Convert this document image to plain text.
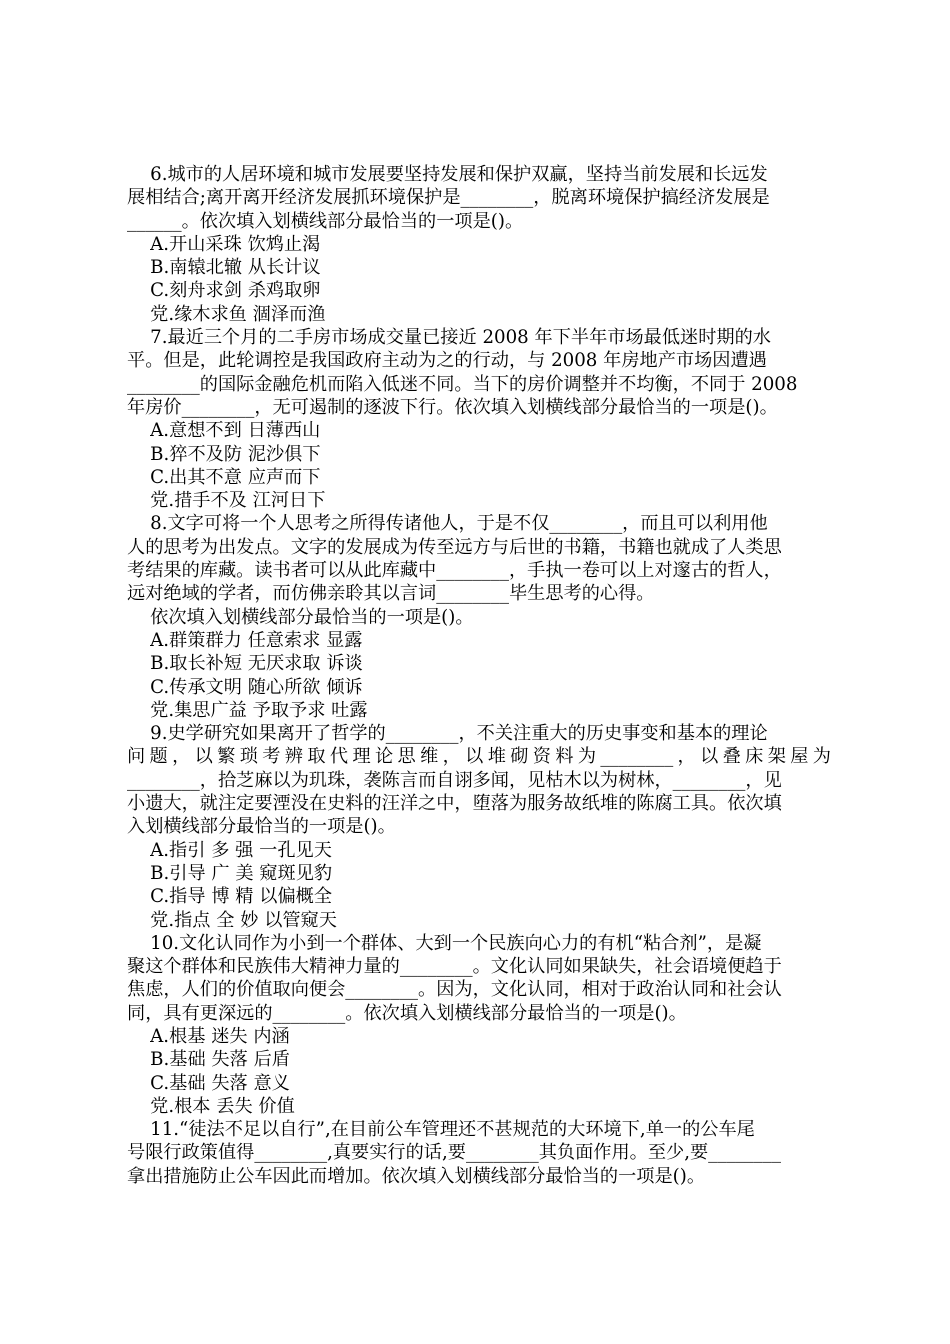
6.城市的人居环境和城市发展要坚持发展和保护双赢，坚持当前发展和长远发
展相结合;离开离开经济发展抓环境保护是________，脱离环境保护搞经济发展是
______。依次填入划横线部分最恰当的一项是()。
A.开山采珠 饮鸩止渴
B.南辕北辙 从长计议
C.刻舟求剑 杀鸡取卵
党.缘木求鱼 涸泽而渔
7.最近三个月的二手房市场成交量已接近 2008 年下半年市场最低迷时期的水
平。但是，此轮调控是我国政府主动为之的行动，与 2008 年房地产市场因遭遇
________的国际金融危机而陷入低迷不同。当下的房价调整并不均衡，不同于 2008
年房价________，无可遏制的逐波下行。依次填入划横线部分最恰当的一项是()。
A.意想不到 日薄西山
B.猝不及防 泥沙俱下
C.出其不意 应声而下
党.措手不及 江河日下
8.文字可将一个人思考之所得传诸他人，于是不仅________，而且可以利用他
人的思考为出发点。文字的发展成为传至远方与后世的书籍，书籍也就成了人类思
考结果的库藏。读书者可以从此库藏中________，手执一卷可以上对邃古的哲人，
远对绝域的学者，而仿佛亲聆其以言词________毕生思考的心得。
依次填入划横线部分最恰当的一项是()。
A.群策群力 任意索求 显露
B.取长补短 无厌求取 诉谈
C.传承文明 随心所欲 倾诉
党.集思广益 予取予求 吐露
9.史学研究如果离开了哲学的________，不关注重大的历史事变和基本的理论
问题，以繁琐考辨取代理论思维，以堆砌资料为________，以叠床架屋为
________，拾芝麻以为玑珠，袭陈言而自诩多闻，见枯木以为树林，________，见
小遗大，就注定要湮没在史料的汪洋之中，堕落为服务故纸堆的陈腐工具。依次填
入划横线部分最恰当的一项是()。
A.指引 多 强 一孔见天
B.引导 广 美 窥斑见豹
C.指导 博 精 以偏概全
党.指点 全 妙 以管窥天
10.文化认同作为小到一个群体、大到一个民族向心力的有机“粘合剂”，是凝
聚这个群体和民族伟大精神力量的________。文化认同如果缺失，社会语境便趋于
焦虑，人们的价值取向便会________。因为，文化认同，相对于政治认同和社会认
同，具有更深远的________。依次填入划横线部分最恰当的一项是()。
A.根基 迷失 内涵
B.基础 失落 后盾
C.基础 失落 意义
党.根本 丢失 价值
11.“徒法不足以自行”,在目前公车管理还不甚规范的大环境下,单一的公车尾
号限行政策值得________,真要实行的话,要________其负面作用。至少,要________
拿出措施防止公车因此而增加。依次填入划横线部分最恰当的一项是()。
